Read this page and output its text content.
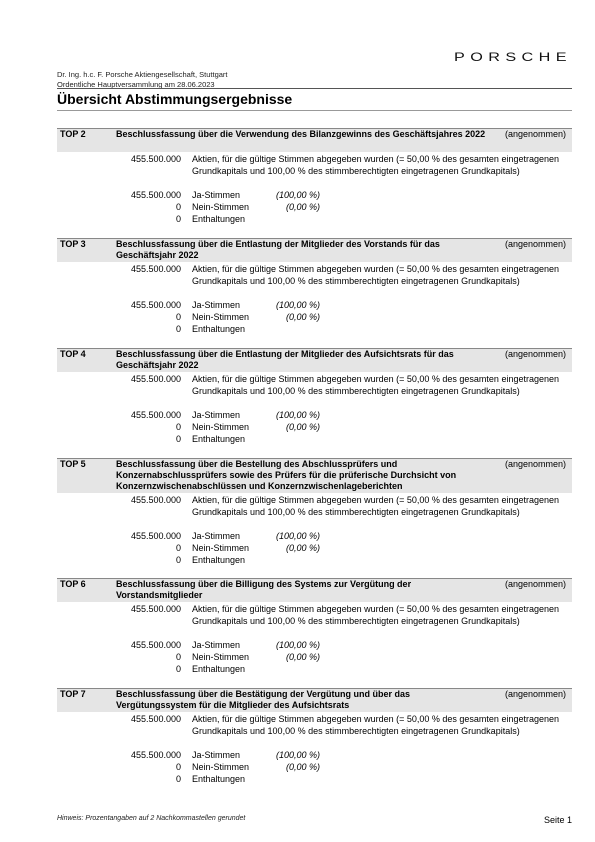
PORSCHE
Dr. Ing. h.c. F. Porsche Aktiengesellschaft, Stuttgart
Ordentliche Hauptversammlung am 28.06.2023
Übersicht Abstimmungsergebnisse
TOP 2	Beschlussfassung über die Verwendung des Bilanzgewinns des Geschäftsjahres 2022	(angenommen)
455.500.000 Aktien, für die gültige Stimmen abgegeben wurden (= 50,00 % des gesamten eingetragenen Grundkapitals und 100,00 % des stimmberechtigten eingetragenen Grundkapitals)
455.500.000 Ja-Stimmen	(100,00 %)
0 Nein-Stimmen	(0,00 %)
0 Enthaltungen
TOP 3	Beschlussfassung über die Entlastung der Mitglieder des Vorstands für das Geschäftsjahr 2022
(angenommen)
455.500.000 Aktien, für die gültige Stimmen abgegeben wurden (= 50,00 % des gesamten eingetragenen Grundkapitals und 100,00 % des stimmberechtigten eingetragenen Grundkapitals)
455.500.000 Ja-Stimmen	(100,00 %)
0 Nein-Stimmen	(0,00 %)
0 Enthaltungen
TOP 4	Beschlussfassung über die Entlastung der Mitglieder des Aufsichtsrats für das Geschäftsjahr 2022
(angenommen)
455.500.000 Aktien, für die gültige Stimmen abgegeben wurden (= 50,00 % des gesamten eingetragenen Grundkapitals und 100,00 % des stimmberechtigten eingetragenen Grundkapitals)
455.500.000 Ja-Stimmen	(100,00 %)
0 Nein-Stimmen	(0,00 %)
0 Enthaltungen
TOP 5	Beschlussfassung über die Bestellung des Abschlussprüfers und Konzernabschlussprüfers sowie des Prüfers für die prüferische Durchsicht von Konzernzwischenabschlüssen und Konzernzwischenlageberichten
(angenommen)
455.500.000 Aktien, für die gültige Stimmen abgegeben wurden (= 50,00 % des gesamten eingetragenen Grundkapitals und 100,00 % des stimmberechtigten eingetragenen Grundkapitals)
455.500.000 Ja-Stimmen	(100,00 %)
0 Nein-Stimmen	(0,00 %)
0 Enthaltungen
TOP 6	Beschlussfassung über die Billigung des Systems zur Vergütung der Vorstandsmitglieder
(angenommen)
455.500.000 Aktien, für die gültige Stimmen abgegeben wurden (= 50,00 % des gesamten eingetragenen Grundkapitals und 100,00 % des stimmberechtigten eingetragenen Grundkapitals)
455.500.000 Ja-Stimmen	(100,00 %)
0 Nein-Stimmen	(0,00 %)
0 Enthaltungen
TOP 7	Beschlussfassung über die Bestätigung der Vergütung und über das Vergütungssystem für die Mitglieder des Aufsichtsrats
(angenommen)
455.500.000 Aktien, für die gültige Stimmen abgegeben wurden (= 50,00 % des gesamten eingetragenen Grundkapitals und 100,00 % des stimmberechtigten eingetragenen Grundkapitals)
455.500.000 Ja-Stimmen	(100,00 %)
0 Nein-Stimmen	(0,00 %)
0 Enthaltungen
Hinweis: Prozentangaben auf 2 Nachkommastellen gerundet	Seite 1
